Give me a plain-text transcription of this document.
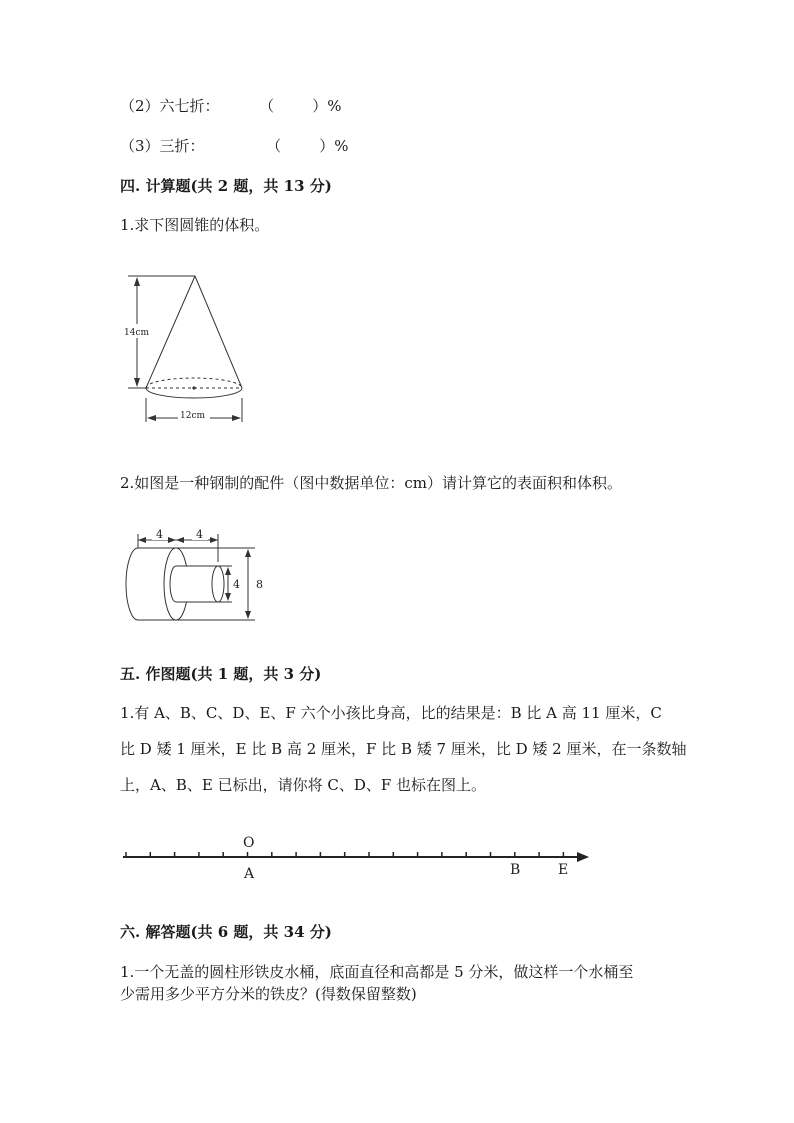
（2）六七折：	（        ）%
（3）三折：	（        ）%
四. 计算题(共 2 题，共 13 分)
1.求下图圆锥的体积。
14cm
12cm
2.如图是一种钢制的配件（图中数据单位：cm）请计算它的表面积和体积。
4	4
4 8
五. 作图题(共 1 题，共 3 分)
1.有 A、B、C、D、E、F 六个小孩比身高，比的结果是：B 比 A 高 11 厘米，C
比 D 矮 1 厘米，E 比 B 高 2 厘米，F 比 B 矮 7 厘米，比 D 矮 2 厘米，在一条数轴
上，A、B、E 已标出，请你将 C、D、F 也标在图上。
O
A	B	E
六. 解答题(共 6 题，共 34 分)
1.一个无盖的圆柱形铁皮水桶，底面直径和高都是 5 分米，做这样一个水桶至
少需用多少平方分米的铁皮？(得数保留整数)
